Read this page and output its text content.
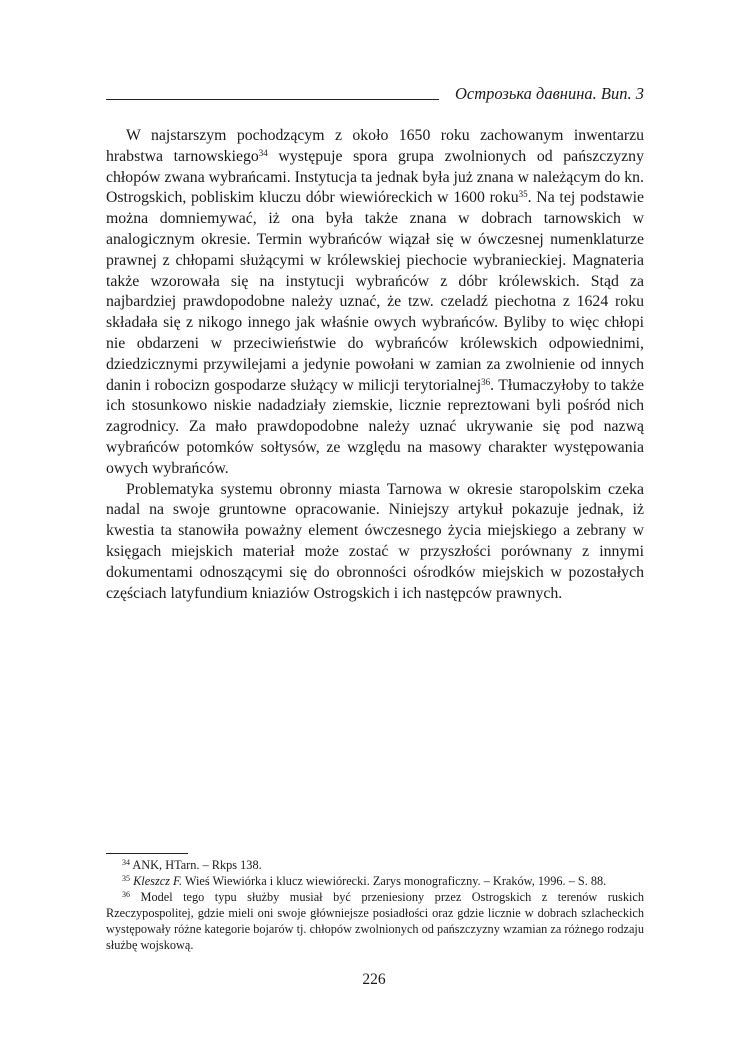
Острозька давнина. Вип. 3

W najstarszym pochodzącym z około 1650 roku zachowanym inwentarzu hrabstwa tarnowskiego$^{34}$ występuje spora grupa zwolnionych od pańszczyzny chłopów zwana wybrańcami. Instytucja ta jednak była już znana w należącym do kn. Ostrogskich, pobliskim kluczu dóbr wiewióreckich w 1600 roku$^{35}$. Na tej podstawie można domniemywać, iż ona była także znana w dobrach tarnowskich w analogicznym okresie. Termin wybrańców wiązał się w ówczesnej numenklaturze prawnej z chłopami służącymi w królewskiej piechocie wybranieckiej. Magnateria także wzorowała się na instytucji wybrańców z dóbr królewskich. Stąd za najbardziej prawdopodobne należy uznać, że tzw. czeladź piechotna z 1624 roku składała się z nikogo innego jak właśnie owych wybrańców. Byliby to więc chłopi nie obdarzeni w przeciwieństwie do wybrańców królewskich odpowiednimi, dziedzicznymi przywilejami a jedynie powołani w zamian za zwolnienie od innych danin i robocizn gospodarze służący w milicji terytorialnej$^{36}$. Tłumaczyłoby to także ich stosunkowo niskie nadadziały ziemskie, licznie repreztowani byli pośród nich zagrodnicy. Za mało prawdopodobne należy uznać ukrywanie się pod nazwą wybrańców potomków sołtysów, ze względu na masowy charakter występowania owych wybrańców.

Problematyka systemu obronny miasta Tarnowa w okresie staropolskim czeka nadal na swoje gruntowne opracowanie. Niniejszy artykuł pokazuje jednak, iż kwestia ta stanowiła poważny element ówczesnego życia miejskiego a zebrany w księgach miejskich materiał może zostać w przyszłości porównany z innymi dokumentami odnoszącymi się do obronności ośrodków miejskich w pozostałych częściach latyfundium kniaziów Ostrogskich i ich następców prawnych.

$^{34}$ ANK, HTarn. – Rkps 138.

$^{35}$ Kleszcz F. Wieś Wiewiórka i klucz wiewiórecki. Zarys monograficzny. – Kraków, 1996. – S. 88.

$^{36}$ Model tego typu służby musiał być przeniesiony przez Ostrogskich z terenów ruskich Rzeczypospolitej, gdzie mieli oni swoje główniejsze posiadłości oraz gdzie licznie w dobrach szlacheckich występowały różne kategorie bojarów tj. chłopów zwolnionych od pańszczyzny wzamian za różnego rodzaju służbę wojskową.

226
